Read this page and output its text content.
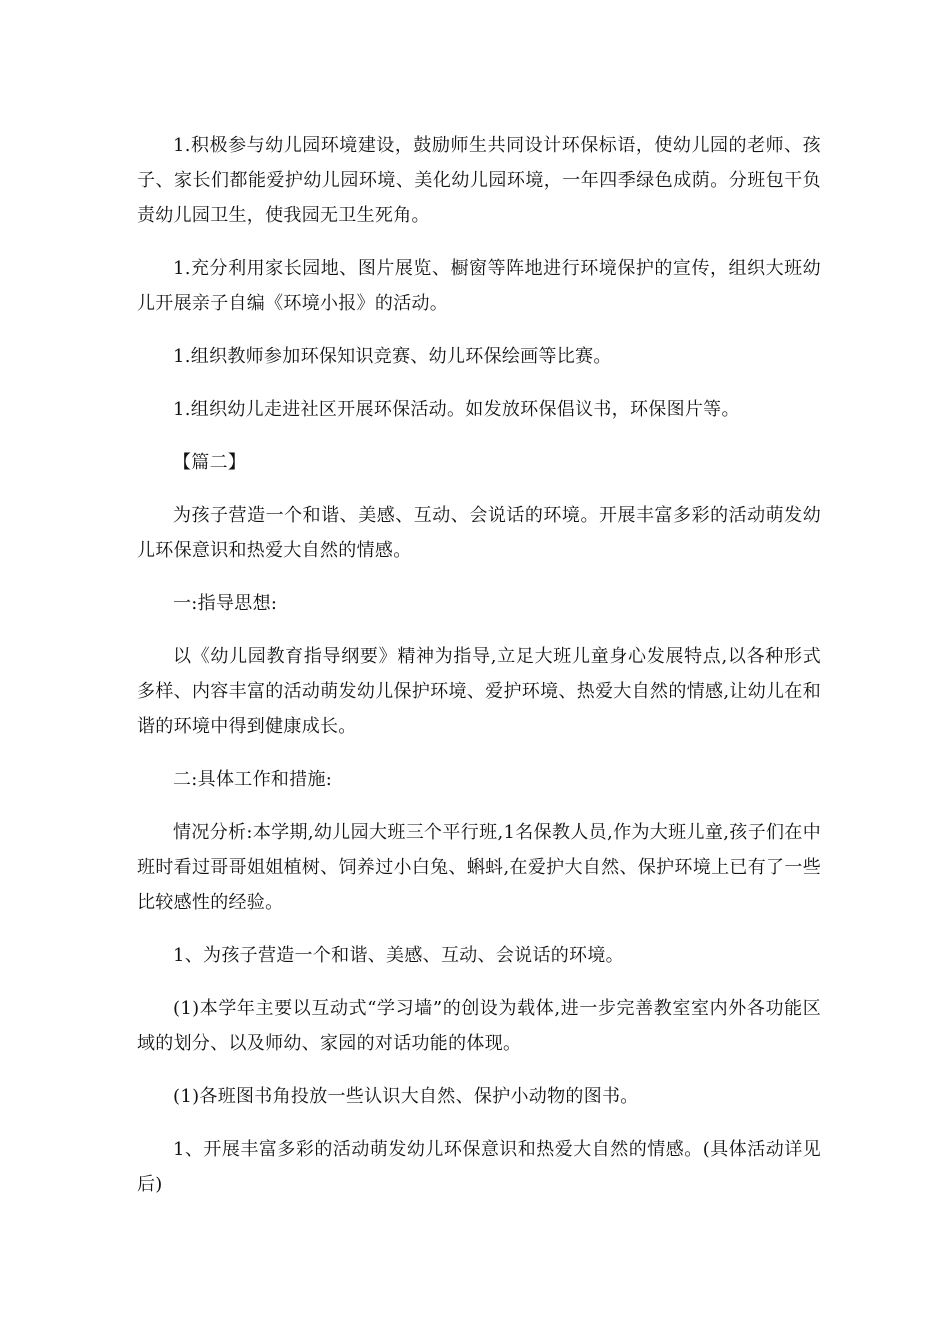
1.积极参与幼儿园环境建设，鼓励师生共同设计环保标语，使幼儿园的老师、孩子、家长们都能爱护幼儿园环境、美化幼儿园环境，一年四季绿色成荫。分班包干负责幼儿园卫生，使我园无卫生死角。

1.充分利用家长园地、图片展览、橱窗等阵地进行环境保护的宣传，组织大班幼儿开展亲子自编《环境小报》的活动。

1.组织教师参加环保知识竞赛、幼儿环保绘画等比赛。

1.组织幼儿走进社区开展环保活动。如发放环保倡议书，环保图片等。

【篇二】

为孩子营造一个和谐、美感、互动、会说话的环境。开展丰富多彩的活动萌发幼儿环保意识和热爱大自然的情感。

一:指导思想:

以《幼儿园教育指导纲要》精神为指导,立足大班儿童身心发展特点,以各种形式多样、内容丰富的活动萌发幼儿保护环境、爱护环境、热爱大自然的情感,让幼儿在和谐的环境中得到健康成长。

二:具体工作和措施:

情况分析:本学期,幼儿园大班三个平行班,1名保教人员,作为大班儿童,孩子们在中班时看过哥哥姐姐植树、饲养过小白兔、蝌蚪,在爱护大自然、保护环境上已有了一些比较感性的经验。

1、为孩子营造一个和谐、美感、互动、会说话的环境。

(1)本学年主要以互动式“学习墙”的创设为载体,进一步完善教室室内外各功能区域的划分、以及师幼、家园的对话功能的体现。

(1)各班图书角投放一些认识大自然、保护小动物的图书。

1、开展丰富多彩的活动萌发幼儿环保意识和热爱大自然的情感。(具体活动详见后)
